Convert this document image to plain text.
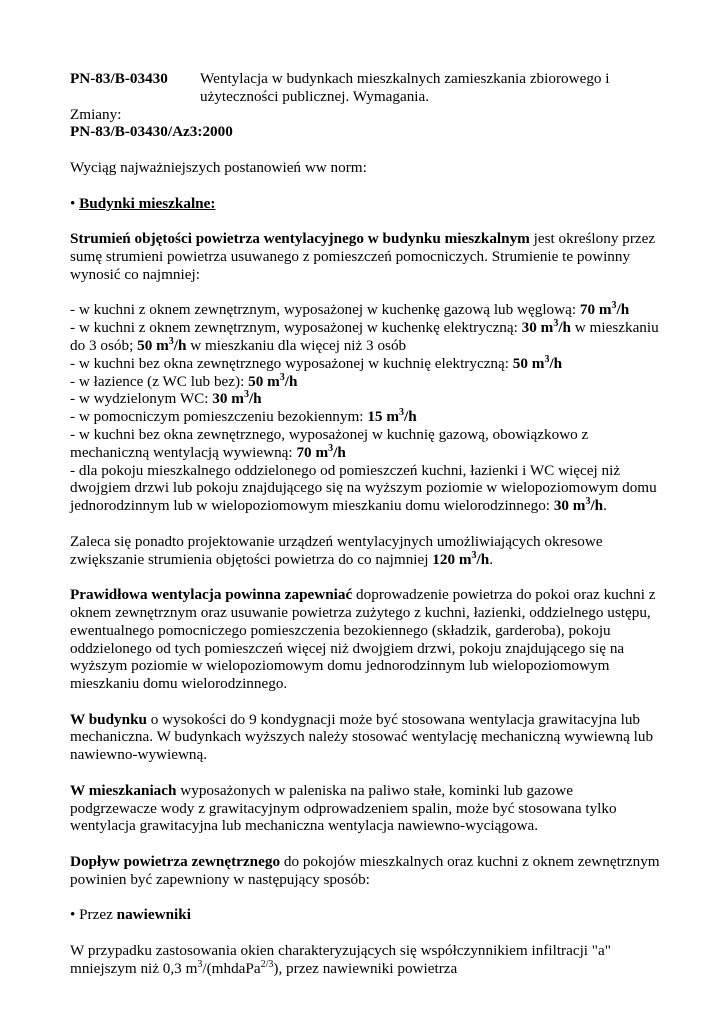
PN-83/B-03430	Wentylacja w budynkach mieszkalnych zamieszkania zbiorowego i użyteczności publicznej. Wymagania.

Zmiany:

PN-83/B-03430/Az3:2000

Wyciąg najważniejszych postanowień ww norm:

• Budynki mieszkalne:

Strumień objętości powietrza wentylacyjnego w budynku mieszkalnym jest określony przez sumę strumieni powietrza usuwanego z pomieszczeń pomocniczych. Strumienie te powinny wynosić co najmniej:

- w kuchni z oknem zewnętrznym, wyposażonej w kuchenkę gazową lub węglową: 70 $m^3/h$

- w kuchni z oknem zewnętrznym, wyposażonej w kuchenkę elektryczną: 30 $m^3/h$ w mieszkaniu do 3 osób; 50 $m^3/h$ w mieszkaniu dla więcej niż 3 osób

- w kuchni bez okna zewnętrznego wyposażonej w kuchnię elektryczną: 50 $m^3/h$

- w łazience (z WC lub bez): 50 $m^3/h$

- w wydzielonym WC: 30 $m^3/h$

- w pomocniczym pomieszczeniu bezokiennym: 15 $m^3/h$

- w kuchni bez okna zewnętrznego, wyposażonej w kuchnię gazową, obowiązkowo z mechaniczną wentylacją wywiewną: 70 $m^3/h$

- dla pokoju mieszkalnego oddzielonego od pomieszczeń kuchni, łazienki i WC więcej niż dwojgiem drzwi lub pokoju znajdującego się na wyższym poziomie w wielopoziomowym domu jednorodzinnym lub w wielopoziomowym mieszkaniu domu wielorodzinnego: 30 $m^3/h$.

Zaleca się ponadto projektowanie urządzeń wentylacyjnych umożliwiających okresowe zwiększanie strumienia objętości powietrza do co najmniej 120 $m^3/h$.

Prawidłowa wentylacja powinna zapewniać doprowadzenie powietrza do pokoi oraz kuchni z oknem zewnętrznym oraz usuwanie powietrza zużytego z kuchni, łazienki, oddzielnego ustępu, ewentualnego pomocniczego pomieszczenia bezokiennego (składzik, garderoba), pokoju oddzielonego od tych pomieszczeń więcej niż dwojgiem drzwi, pokoju znajdującego się na wyższym poziomie w wielopoziomowym domu jednorodzinnym lub wielopoziomowym mieszkaniu domu wielorodzinnego.

W budynku o wysokości do 9 kondygnacji może być stosowana wentylacja grawitacyjna lub mechaniczna. W budynkach wyższych należy stosować wentylację mechaniczną wywiewną lub nawiewno-wywiewną.

W mieszkaniach wyposażonych w paleniska na paliwo stałe, kominki lub gazowe podgrzewacze wody z grawitacyjnym odprowadzeniem spalin, może być stosowana tylko wentylacja grawitacyjna lub mechaniczna wentylacja nawiewno-wyciągowa.

Dopływ powietrza zewnętrznego do pokojów mieszkalnych oraz kuchni z oknem zewnętrznym powinien być zapewniony w następujący sposób:

• Przez nawiewniki

W przypadku zastosowania okien charakteryzujących się współczynnikiem infiltracji "a" mniejszym niż 0,3 $m^3/(mhdaPa^{2/3})$, przez nawiewniki powietrza
